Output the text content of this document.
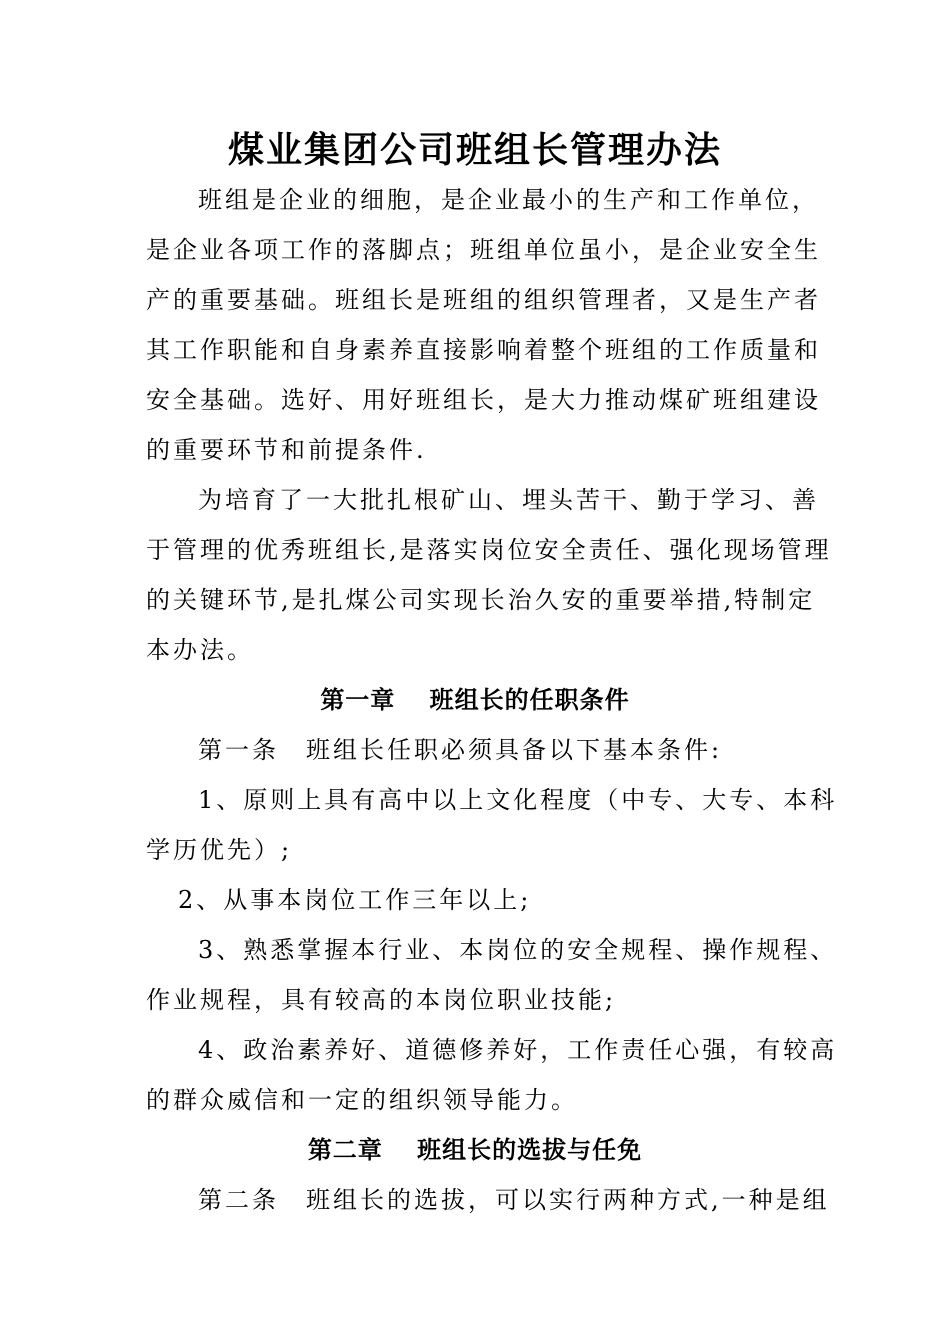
煤业集团公司班组长管理办法
班组是企业的细胞，是企业最小的生产和工作单位，
是企业各项工作的落脚点；班组单位虽小，是企业安全生
产的重要基础。班组长是班组的组织管理者，又是生产者
其工作职能和自身素养直接影响着整个班组的工作质量和
安全基础。选好、用好班组长，是大力推动煤矿班组建设
的重要环节和前提条件.
为培育了一大批扎根矿山、埋头苦干、勤于学习、善
于管理的优秀班组长,是落实岗位安全责任、强化现场管理
的关键环节,是扎煤公司实现长治久安的重要举措,特制定
本办法。
第一章　 班组长的任职条件
第一条　班组长任职必须具备以下基本条件:
1、原则上具有高中以上文化程度（中专、大专、本科
学历优先）;
2、从事本岗位工作三年以上;
3、熟悉掌握本行业、本岗位的安全规程、操作规程、
作业规程，具有较高的本岗位职业技能;
4、政治素养好、道德修养好，工作责任心强，有较高
的群众威信和一定的组织领导能力。
第二章　 班组长的选拔与任免
第二条　班组长的选拔，可以实行两种方式,一种是组
